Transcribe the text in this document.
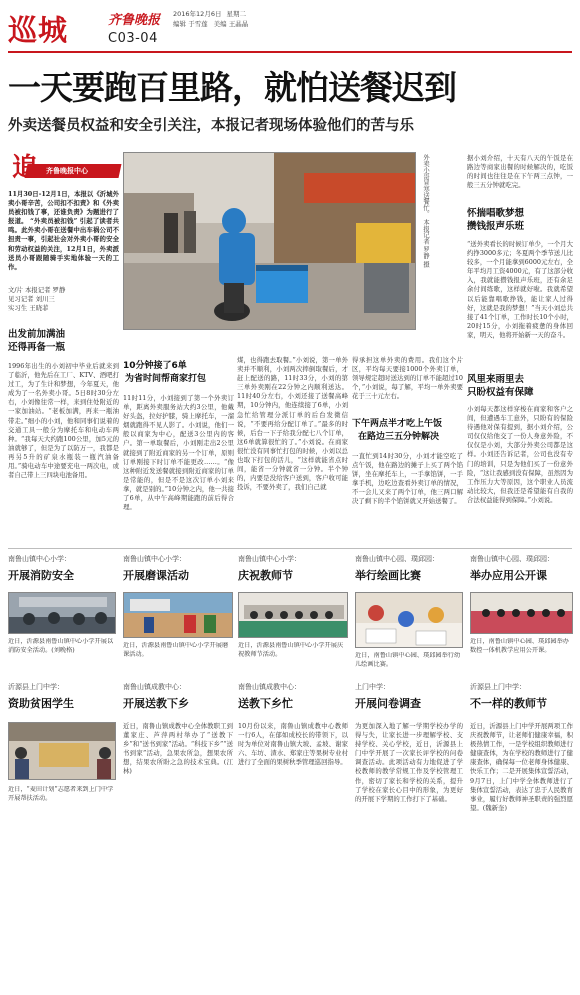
巡城	齐鲁晚报 2016年12月6日 星期二
编辑 于雪莲 美编 王晶晶
C03-04
一天要跑百里路，就怕送餐迟到
外卖送餐员权益和安全引关注，本报记者现场体验他们的苦与乐
追 齐鲁晚报中心
11月30日-12月1日，本报以《沂城外卖小哥辛苦，公司扣不扣责》和《外卖员被扣钱了事，还谁负责》为题进行了报道。 “外卖员被扣钱” 引起了读者共鸣。此外卖小哥在送餐中出车祸公司不担责一事，引起社会对外卖小哥的安全和劳动权益的关注，12月1日，外卖派送员小哥跟随骑手实地体验一天的工作。
文/片 本报记者 罗静
见习记者 刘川三
实习生 王晓菲
出发前加满油
还得再备一瓶
1996年出生的小刘初中毕业后就来到了临沂，他先后在工厂、KTV、酒吧打过工，为了生计和梦想，今年夏天，他成为了一名外卖小哥。5日8时30分左右，小刘像往常一样，来到住处附近的一家加油站。“老板加满，再来一瓶油带走。”细小的小刘，他和同事们说着的交通工具一般分为摩托车和电动车两种。“我每天大约跑100公里，加5元的油就够了，但是为了以防万一，我都是再另5升的矿泉水瓶装一瓶汽油备用。”骑电动车中途要充电一两次电，或者自己带上三四块电池备用。
外卖小哥冒寒送餐忙。 本报记者 罗静 摄
10分钟接了6单
为省时间帮商家打包
11时11分，小刘接到了第一个外卖订单，距离外卖服务站大约3公里，他戴好头盔，拉好护膝，骑上摩托车，一溜烟就跑得不见人影了。小刘说，他们一般以商家为中心，配送3公里内的客户。第一单取餐后，小刘刚走出2公里就接到了附近商家的另一个订单，原则订单刚接下时订单不能更改……。“像这种附近发送餐就接到附近商家的订单是常能的，但是不是这次订单小刘来拿，就是别的。”10分钟之内，他一共接了6单，从中午高峰期能跑的前后得合理。
煤，也得跑去取餐。”小刘说，第一单外卖并不顺利，小刘两次摔倒取餐后，才赶上配送的路，11时33分，小刘的第三单外卖刚在22分钟之内顺利送达。11时40分左右，小刘还接了送餐高峰期，10分钟内，他连续接了6单，小刘急忙给管理分派订单的后台发微信说，“不要再给分配订单了。”最多的时候，后台一下子给我分配七八个订单，这6单就算很忙的了。”小刘说。在商家很忙没有同事忙打包的时候，小刘以总也取下打包的活儿，“这样就能省点时间，能省一分钟就省一分钟。半个钟的，内要是没给客户送到，客户收可能投诉，不要外卖了，我们自己就
得承担这单外卖的费用。我们这个片区，平均每天要接1000个外卖订单，领导规定超时送达到的订单不能超过10个，”小刘说，每了解，平均一单外卖要花于三十元左右。
下午两点半才吃上午饭
在路边三五分钟解决
一直忙到14时30分，小刘才能空吃了点午饭，他在路边的摊子上买了两个馅饼，坐在摩托车上，一手拿馅饼，一手拿手机，边吃边查看外卖订单的情况，不一会儿又来了两个订单，他三两口解决了剩下的半个馅饼就又开始送餐了。
据小刘介绍，十天有八天的午饭是在路边等商家出餐的时候解决的，吃饭的时间也往往是在下午两三点钟，一般三五分钟就吃完。
怀揣唱歌梦想
攒钱报声乐班
“送外卖看长的时候订单少，一个月大约挣3000多元；冬夏两个季节送儿比较多，一个月能拿到6000元左右，全年平均月工资4000元，有了这部分收入，我就能攒钱报声乐班，还有余足余付间练歌，这样就好啦。我就希望以后能靠唱歌挣钱，能让家人过得好，这就是我的梦想！”当天小刘总共接了41个订单，工作时长10个小时，20时15分，小刘拖着疲惫的身体回家，明天，他将开始新一天的奋斗。
风里来雨里去
只盼权益有保障
小刘每天都这样穿梭在商家和客户之间，但遭遇车工意外，只盼有的保险待遇他对保有提到，据小刘介绍，公司仅仅给他交了一份人身意外险，不仅仅是小刘，大部分外卖公司都是这样。小刘还告诉记者，公司也没有专门的培训，只是为他们买了一份意外险，“这让我感到没有保障，虽然因为工作压力大等原因，这个职业人员流动比较大，但我还是希望能有自我的合法权益能得到保障。”小刘说。
南鲁山镇中心小学：
开展消防安全
近日，沂源县南鲁山镇中心小学开展以消防安全活动。(刘晚格)
南鲁山镇中心小学：
开展磨课活动
近日，沂源县南鲁山镇中心小学开展磨课活动。
南鲁山镇中心小学：
庆祝教师节
近日，沂源县南鲁山镇中心小学开展庆祝教师节活动。
南鲁山镇中心园、璞邱园：
举行绘画比赛
近日，南鲁山镇中心园、璞邱园举行幼儿绘画比赛。
南鲁山镇中心园、璞邱园：
举办应用公开课
近日，南鲁山镇中心园、璞邱园举办数控一体机教学应用公开课。
沂源县上门中学：
资助贫困学生
近日，“麦田计划”志愿者来到上门中学开展帮扶活动。
南鲁山镇成教中心：
开展送教下乡
近日，南鲁山镇成教中心全体教职工到董家庄、芦萍两村举办了“送教下乡”和“送书到家”活动。“科技下乡”“送书到家”活动，急果农所急，想果农所想，结果农所盼之急的技术宝典。(江林)
南鲁山镇成教中心：
送教下乡忙
10月份以来，南鲁山镇成教中心教师一行6人，在郁如成校长的带领下，以时为单位对南鲁山镇大坡、孟坡、谢家六、车坊、渣水、郑家庄等果树专业村进行了全面的果树秋季管理巡回指导。
上门中学：
开展问卷调查
为更加深入地了解一学期学校办学的得与失，让家长进一步理解学校、支持学校、关心学校，近日，沂源县上门中学开展了一次家长评学校的问卷调查活动。此项活动有力地促进了学校教师的教学常规工作及学校管理工作，密切了家长和学校的关系，提升了学校在家长心目中的形象，为更好的开展下学期的工作打下了基础。
沂源县上门中学：
不一样的教师节
近日，沂源县上门中学开展两项工作庆祝教师节，让老师们健康幸福，积极热情工作，一是学校组织教师进行健康查体，为在学校的教师进行了健康查体，确保每一位老师身体健康、快乐工作；二是开展集体宣誓活动，9月7日，上门中学全体教师进行了集体宣誓活动，表达了忠于人民教育事业，履行好教师神圣职责的强烈愿望。(魏新奎)
